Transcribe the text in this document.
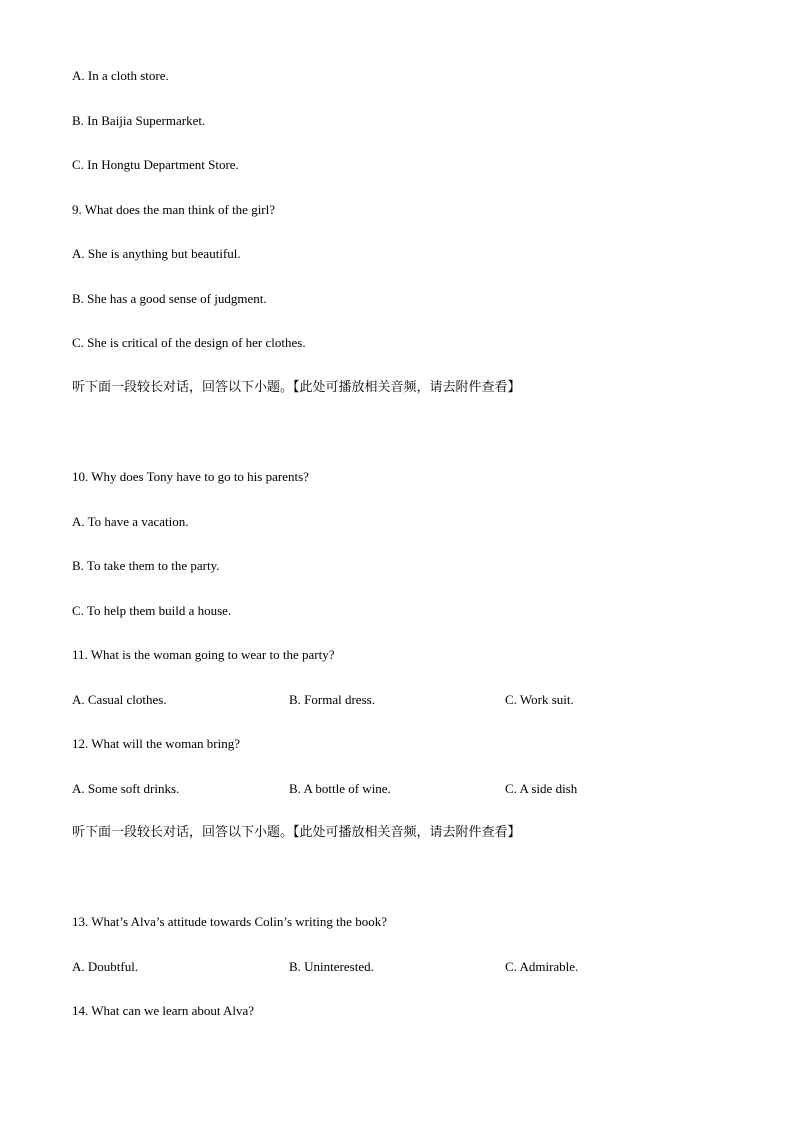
A. In a cloth store.
B. In Baijia Supermarket.
C. In Hongtu Department Store.
9. What does the man think of the girl?
A. She is anything but beautiful.
B. She has a good sense of judgment.
C. She is critical of the design of her clothes.
听下面一段较长对话，回答以下小题。【此处可播放相关音频，请去附件查看】
10. Why does Tony have to go to his parents?
A. To have a vacation.
B. To take them to the party.
C. To help them build a house.
11. What is the woman going to wear to the party?
A. Casual clothes.	B. Formal dress.	C. Work suit.
12. What will the woman bring?
A. Some soft drinks.	B. A bottle of wine.	C. A side dish
听下面一段较长对话，回答以下小题。【此处可播放相关音频，请去附件查看】
13. What’s Alva’s attitude towards Colin’s writing the book?
A. Doubtful.	B. Uninterested.	C. Admirable.
14. What can we learn about Alva?
